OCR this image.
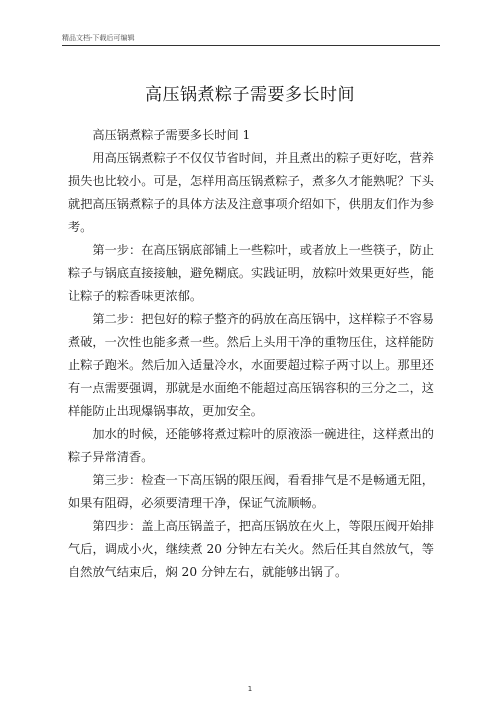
精品文档-下载后可编辑
高压锅煮粽子需要多长时间

高压锅煮粽子需要多长时间 1

用高压锅煮粽子不仅仅节省时间，并且煮出的粽子更好吃，营养损失也比较小。可是，怎样用高压锅煮粽子，煮多久才能熟呢？下头就把高压锅煮粽子的具体方法及注意事项介绍如下，供朋友们作为参考。

第一步：在高压锅底部铺上一些粽叶，或者放上一些筷子，防止粽子与锅底直接接触，避免糊底。实践证明，放粽叶效果更好些，能让粽子的粽香味更浓郁。

第二步：把包好的粽子整齐的码放在高压锅中，这样粽子不容易煮破，一次性也能多煮一些。然后上头用干净的重物压住，这样能防止粽子跑米。然后加入适量冷水，水面要超过粽子两寸以上。那里还有一点需要强调，那就是水面绝不能超过高压锅容积的三分之二，这样能防止出现爆锅事故，更加安全。

加水的时候，还能够将煮过粽叶的原液添一碗进往，这样煮出的粽子异常清香。

第三步：检查一下高压锅的限压阀，看看排气是不是畅通无阻，如果有阻碍，必须要清理干净，保证气流顺畅。

第四步：盖上高压锅盖子，把高压锅放在火上，等限压阀开始排气后，调成小火，继续煮 20 分钟左右关火。然后任其自然放气，等自然放气结束后，焖 20 分钟左右，就能够出锅了。

1
